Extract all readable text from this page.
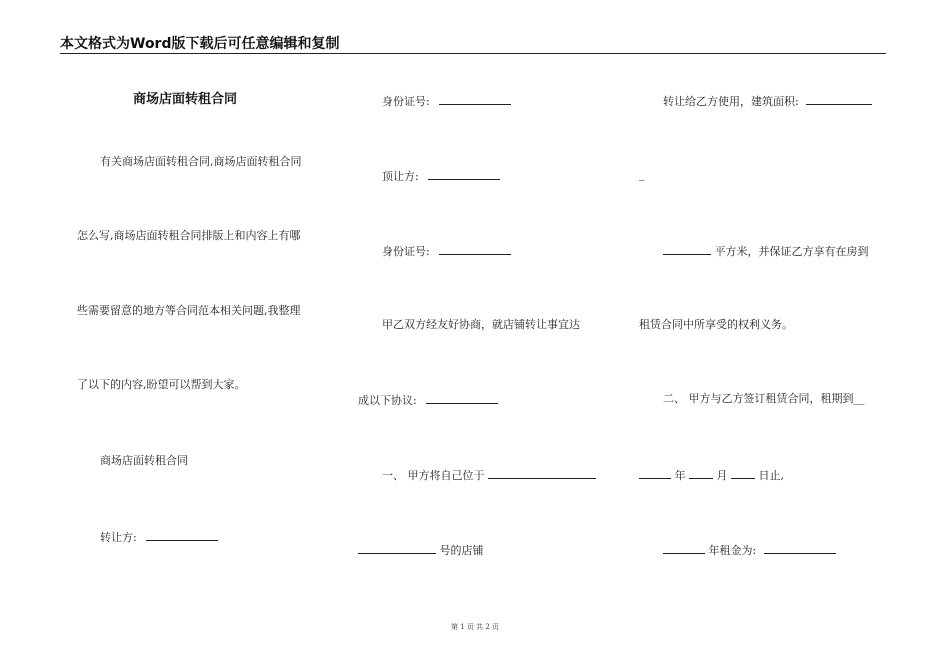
本文格式为Word版下载后可任意编辑和复制
商场店面转租合同
有关商场店面转租合同,商场店面转租合同
怎么写,商场店面转租合同排版上和内容上有哪
些需要留意的地方等合同范本相关问题,我整理
了以下的内容,盼望可以帮到大家。
商场店面转租合同
转让方:
身份证号:
顶让方:
身份证号:
甲乙双方经友好协商，就店铺转让事宜达
成以下协议:
一、 甲方将自己位于
号的店铺
转让给乙方使用，建筑面积:
_
平方米，并保证乙方享有在房到
租赁合同中所享受的权利义务。
二、 甲方与乙方签订租赁合同，租期到__
年	月	日止,
年租金为:
第 1 页 共 2 页
